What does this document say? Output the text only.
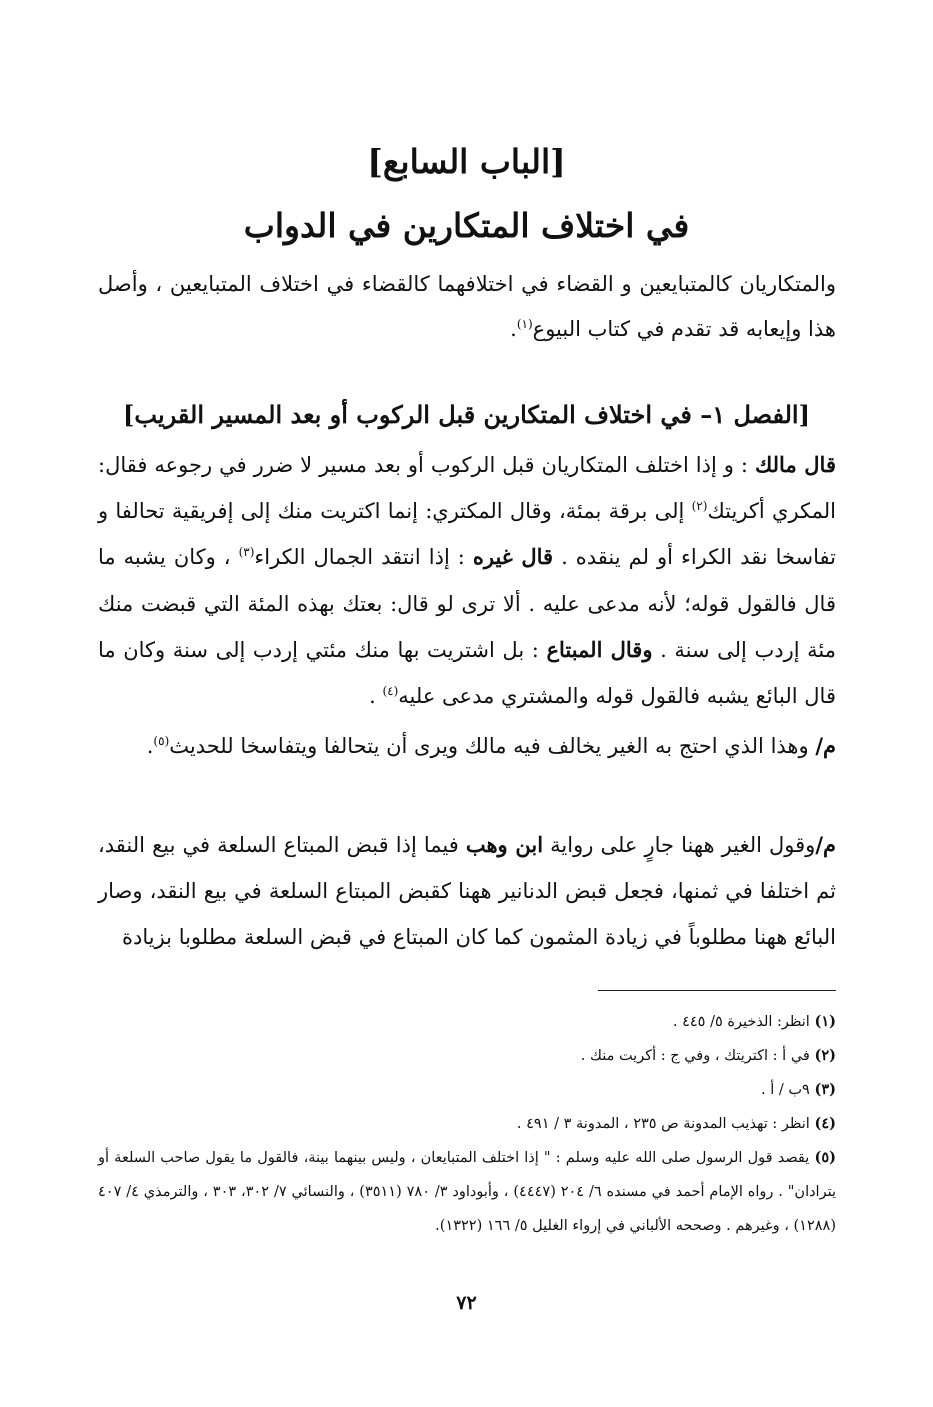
[الباب السابع]
في اختلاف المتكارين في الدواب
والمتكاريان كالمتبايعين و القضاء في اختلافهما كالقضاء في اختلاف المتبايعين ، وأصل هذا وإيعابه قد تقدم في كتاب البيوع$^{(١)}$.
[الفصل ١– في اختلاف المتكارين قبل الركوب أو بعد المسير القريب]
قال مالك : و إذا اختلف المتكاريان قبل الركوب أو بعد مسير لا ضرر في رجوعه فقال: المكري أكريتك$^{(٢)}$ إلى برقة بمئة، وقال المكتري: إنما اكتريت منك إلى إفريقية تحالفا و تفاسخا نقد الكراء أو لم ينقده . قال غيره : إذا انتقد الجمال الكراء$^{(٣)}$ ، وكان يشبه ما قال فالقول قوله؛ لأنه مدعى عليه . ألا ترى لو قال: بعتك بهذه المئة التي قبضت منك مئة إردب إلى سنة . وقال المبتاع : بل اشتريت بها منك مئتي إردب إلى سنة وكان ما قال البائع يشبه فالقول قوله والمشتري مدعى عليه$^{(٤)}$ .
م/ وهذا الذي احتج به الغير يخالف فيه مالك ويرى أن يتحالفا ويتفاسخا للحديث$^{(٥)}$.
م/وقول الغير ههنا جارٍ على رواية ابن وهب فيما إذا قبض المبتاع السلعة في بيع النقد، ثم اختلفا في ثمنها، فجعل قبض الدنانير ههنا كقبض المبتاع السلعة في بيع النقد، وصار البائع ههنا مطلوباً في زيادة المثمون كما كان المبتاع في قبض السلعة مطلوبا بزيادة
(١) انظر: الذخيرة ٥/ ٤٤٥ .
(٢) في أ : اكتريتك ، وفي ج : أكريت منك .
(٣) ٩ب / أ .
(٤) انظر : تهذيب المدونة ص ٢٣٥ ، المدونة ٣ / ٤٩١ .
(٥) يقصد قول الرسول صلى الله عليه وسلم : " إذا اختلف المتبايعان ، وليس بينهما بينة، فالقول ما يقول صاحب السلعة أو يترادان" . رواه الإمام أحمد في مسنده ٦/ ٢٠٤ (٤٤٤٧) ، وأبوداود ٣/ ٧٨٠ (٣٥١١) ، والنسائي ٧/ ٣٠٢، ٣٠٣ ، والترمذي ٤/ ٤٠٧ (١٢٨٨) ، وغيرهم . وصححه الألباني في إرواء الغليل ٥/ ١٦٦ (١٣٢٢).
٧٢
